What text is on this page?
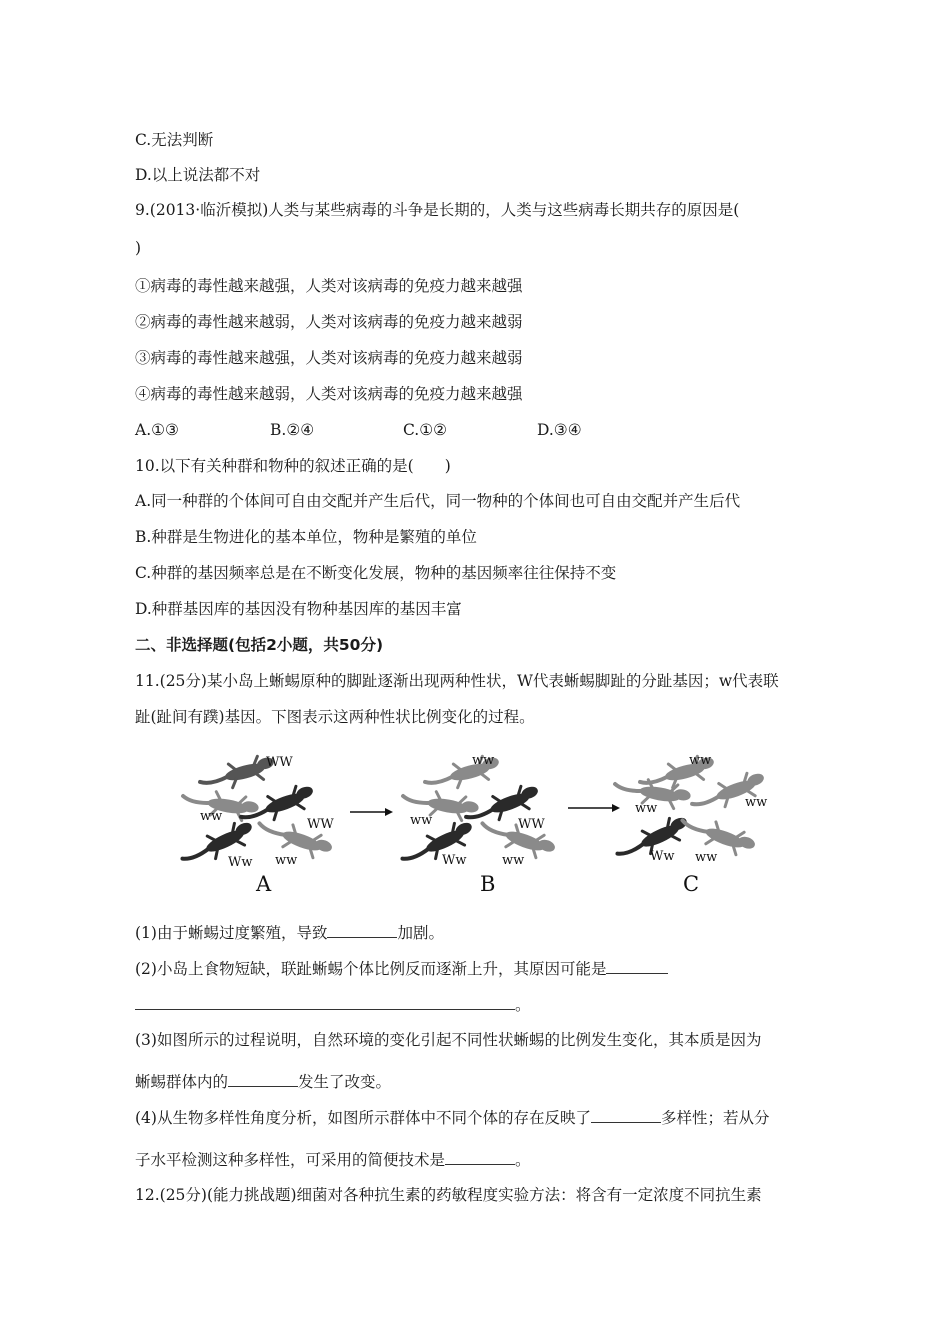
C.无法判断
D.以上说法都不对
9.(2013·临沂模拟)人类与某些病毒的斗争是长期的，人类与这些病毒长期共存的原因是(
)
①病毒的毒性越来越强，人类对该病毒的免疫力越来越强
②病毒的毒性越来越弱，人类对该病毒的免疫力越来越弱
③病毒的毒性越来越强，人类对该病毒的免疫力越来越弱
④病毒的毒性越来越弱，人类对该病毒的免疫力越来越强
A.①③	B.②④	C.①②	D.③④
10.以下有关种群和物种的叙述正确的是(　　)
A.同一种群的个体间可自由交配并产生后代，同一物种的个体间也可自由交配并产生后代
B.种群是生物进化的基本单位，物种是繁殖的单位
C.种群的基因频率总是在不断变化发展，物种的基因频率往往保持不变
D.种群基因库的基因没有物种基因库的基因丰富
二、非选择题(包括2小题，共50分)
11.(25分)某小岛上蜥蜴原种的脚趾逐渐出现两种性状，W代表蜥蜴脚趾的分趾基因；w代表联
趾(趾间有蹼)基因。下图表示这两种性状比例变化的过程。
WW
ww
WW
Ww ww
A
ww
ww	WW
Ww	ww
B
ww
ww	ww
Ww ww
C
(1)由于蜥蜴过度繁殖，导致	加剧。
(2)小岛上食物短缺，联趾蜥蜴个体比例反而逐渐上升，其原因可能是
。
(3)如图所示的过程说明，自然环境的变化引起不同性状蜥蜴的比例发生变化，其本质是因为
蜥蜴群体内的	发生了改变。
(4)从生物多样性角度分析，如图所示群体中不同个体的存在反映了	多样性；若从分
子水平检测这种多样性，可采用的简便技术是	。
12.(25分)(能力挑战题)细菌对各种抗生素的药敏程度实验方法：将含有一定浓度不同抗生素
